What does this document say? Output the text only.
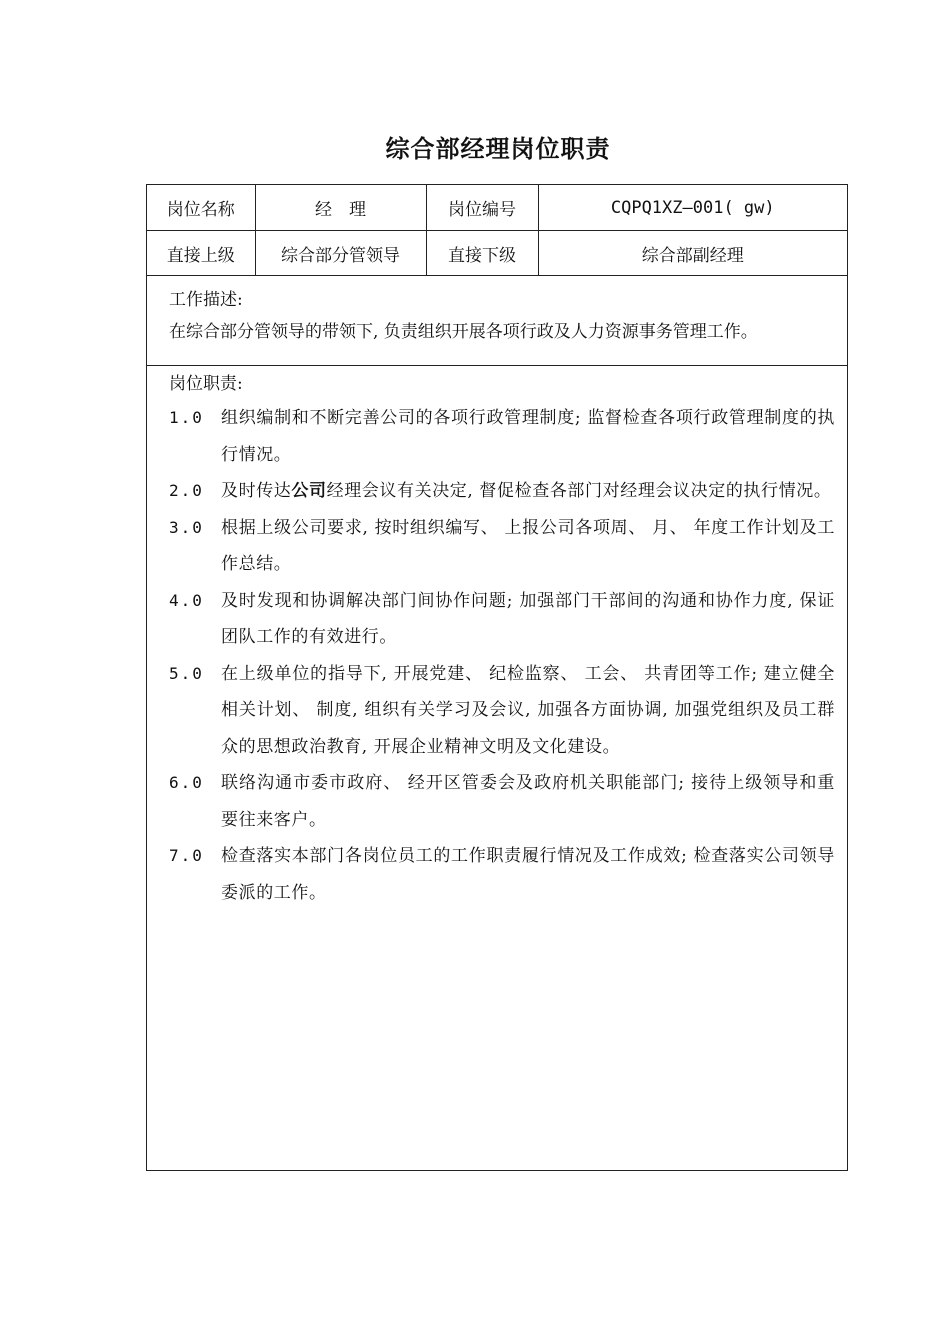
综合部经理岗位职责
岗位名称	经　理	岗位编号	CQPQ1XZ—001( gw)
直接上级	综合部分管领导	直接下级	综合部副经理
工作描述:
在综合部分管领导的带领下, 负责组织开展各项行政及人力资源事务管理工作。
岗位职责:
1.0 组织编制和不断完善公司的各项行政管理制度; 监督检查各项行政管理制度的执行情况。
2.0 及时传达公司经理会议有关决定, 督促检查各部门对经理会议决定的执行情况。
3.0 根据上级公司要求, 按时组织编写、 上报公司各项周、 月、 年度工作计划及工作总结。
4.0 及时发现和协调解决部门间协作问题; 加强部门干部间的沟通和协作力度, 保证团队工作的有效进行。
5.0 在上级单位的指导下, 开展党建、 纪检监察、 工会、 共青团等工作; 建立健全相关计划、 制度, 组织有关学习及会议, 加强各方面协调, 加强党组织及员工群众的思想政治教育, 开展企业精神文明及文化建设。
6.0 联络沟通市委市政府、 经开区管委会及政府机关职能部门; 接待上级领导和重要往来客户。
7.0 检查落实本部门各岗位员工的工作职责履行情况及工作成效; 检查落实公司领导委派的工作。
